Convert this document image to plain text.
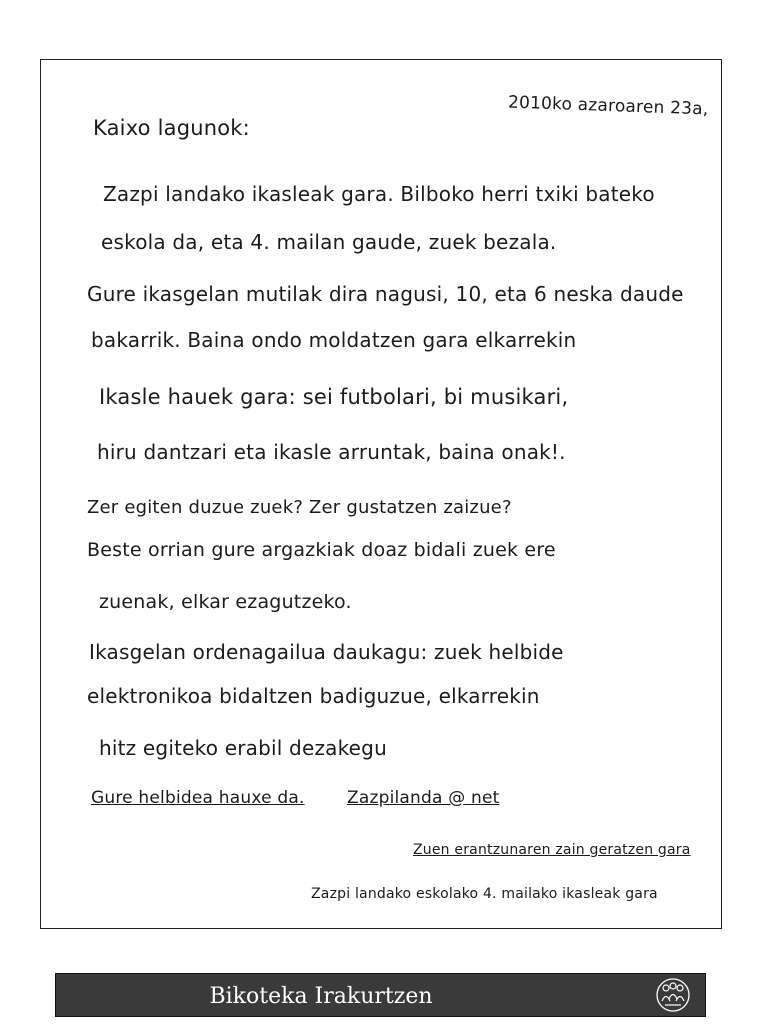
2010ko azaroaren 23a,
Kaixo lagunok:
Zazpi landako ikasleak gara. Bilboko herri txiki bateko
eskola da, eta 4. mailan gaude, zuek bezala.
Gure ikasgelan mutilak dira nagusi, 10, eta 6 neska daude
bakarrik. Baina ondo moldatzen gara elkarrekin
Ikasle hauek gara: sei futbolari, bi musikari,
hiru dantzari eta ikasle arruntak, baina onak!.
Zer egiten duzue zuek? Zer gustatzen zaizue?
Beste orrian gure argazkiak doaz bidali zuek ere
zuenak, elkar ezagutzeko.
Ikasgelan ordenagailua daukagu: zuek helbide
elektronikoa bidaltzen badiguzue, elkarrekin
hitz egiteko erabil dezakegu
Gure helbidea hauxe da. Zazpilanda @ net
Zuen erantzunaren zain geratzen gara
Zazpi landako eskolako 4. mailako ikasleak gara
Bikoteka Irakurtzen
